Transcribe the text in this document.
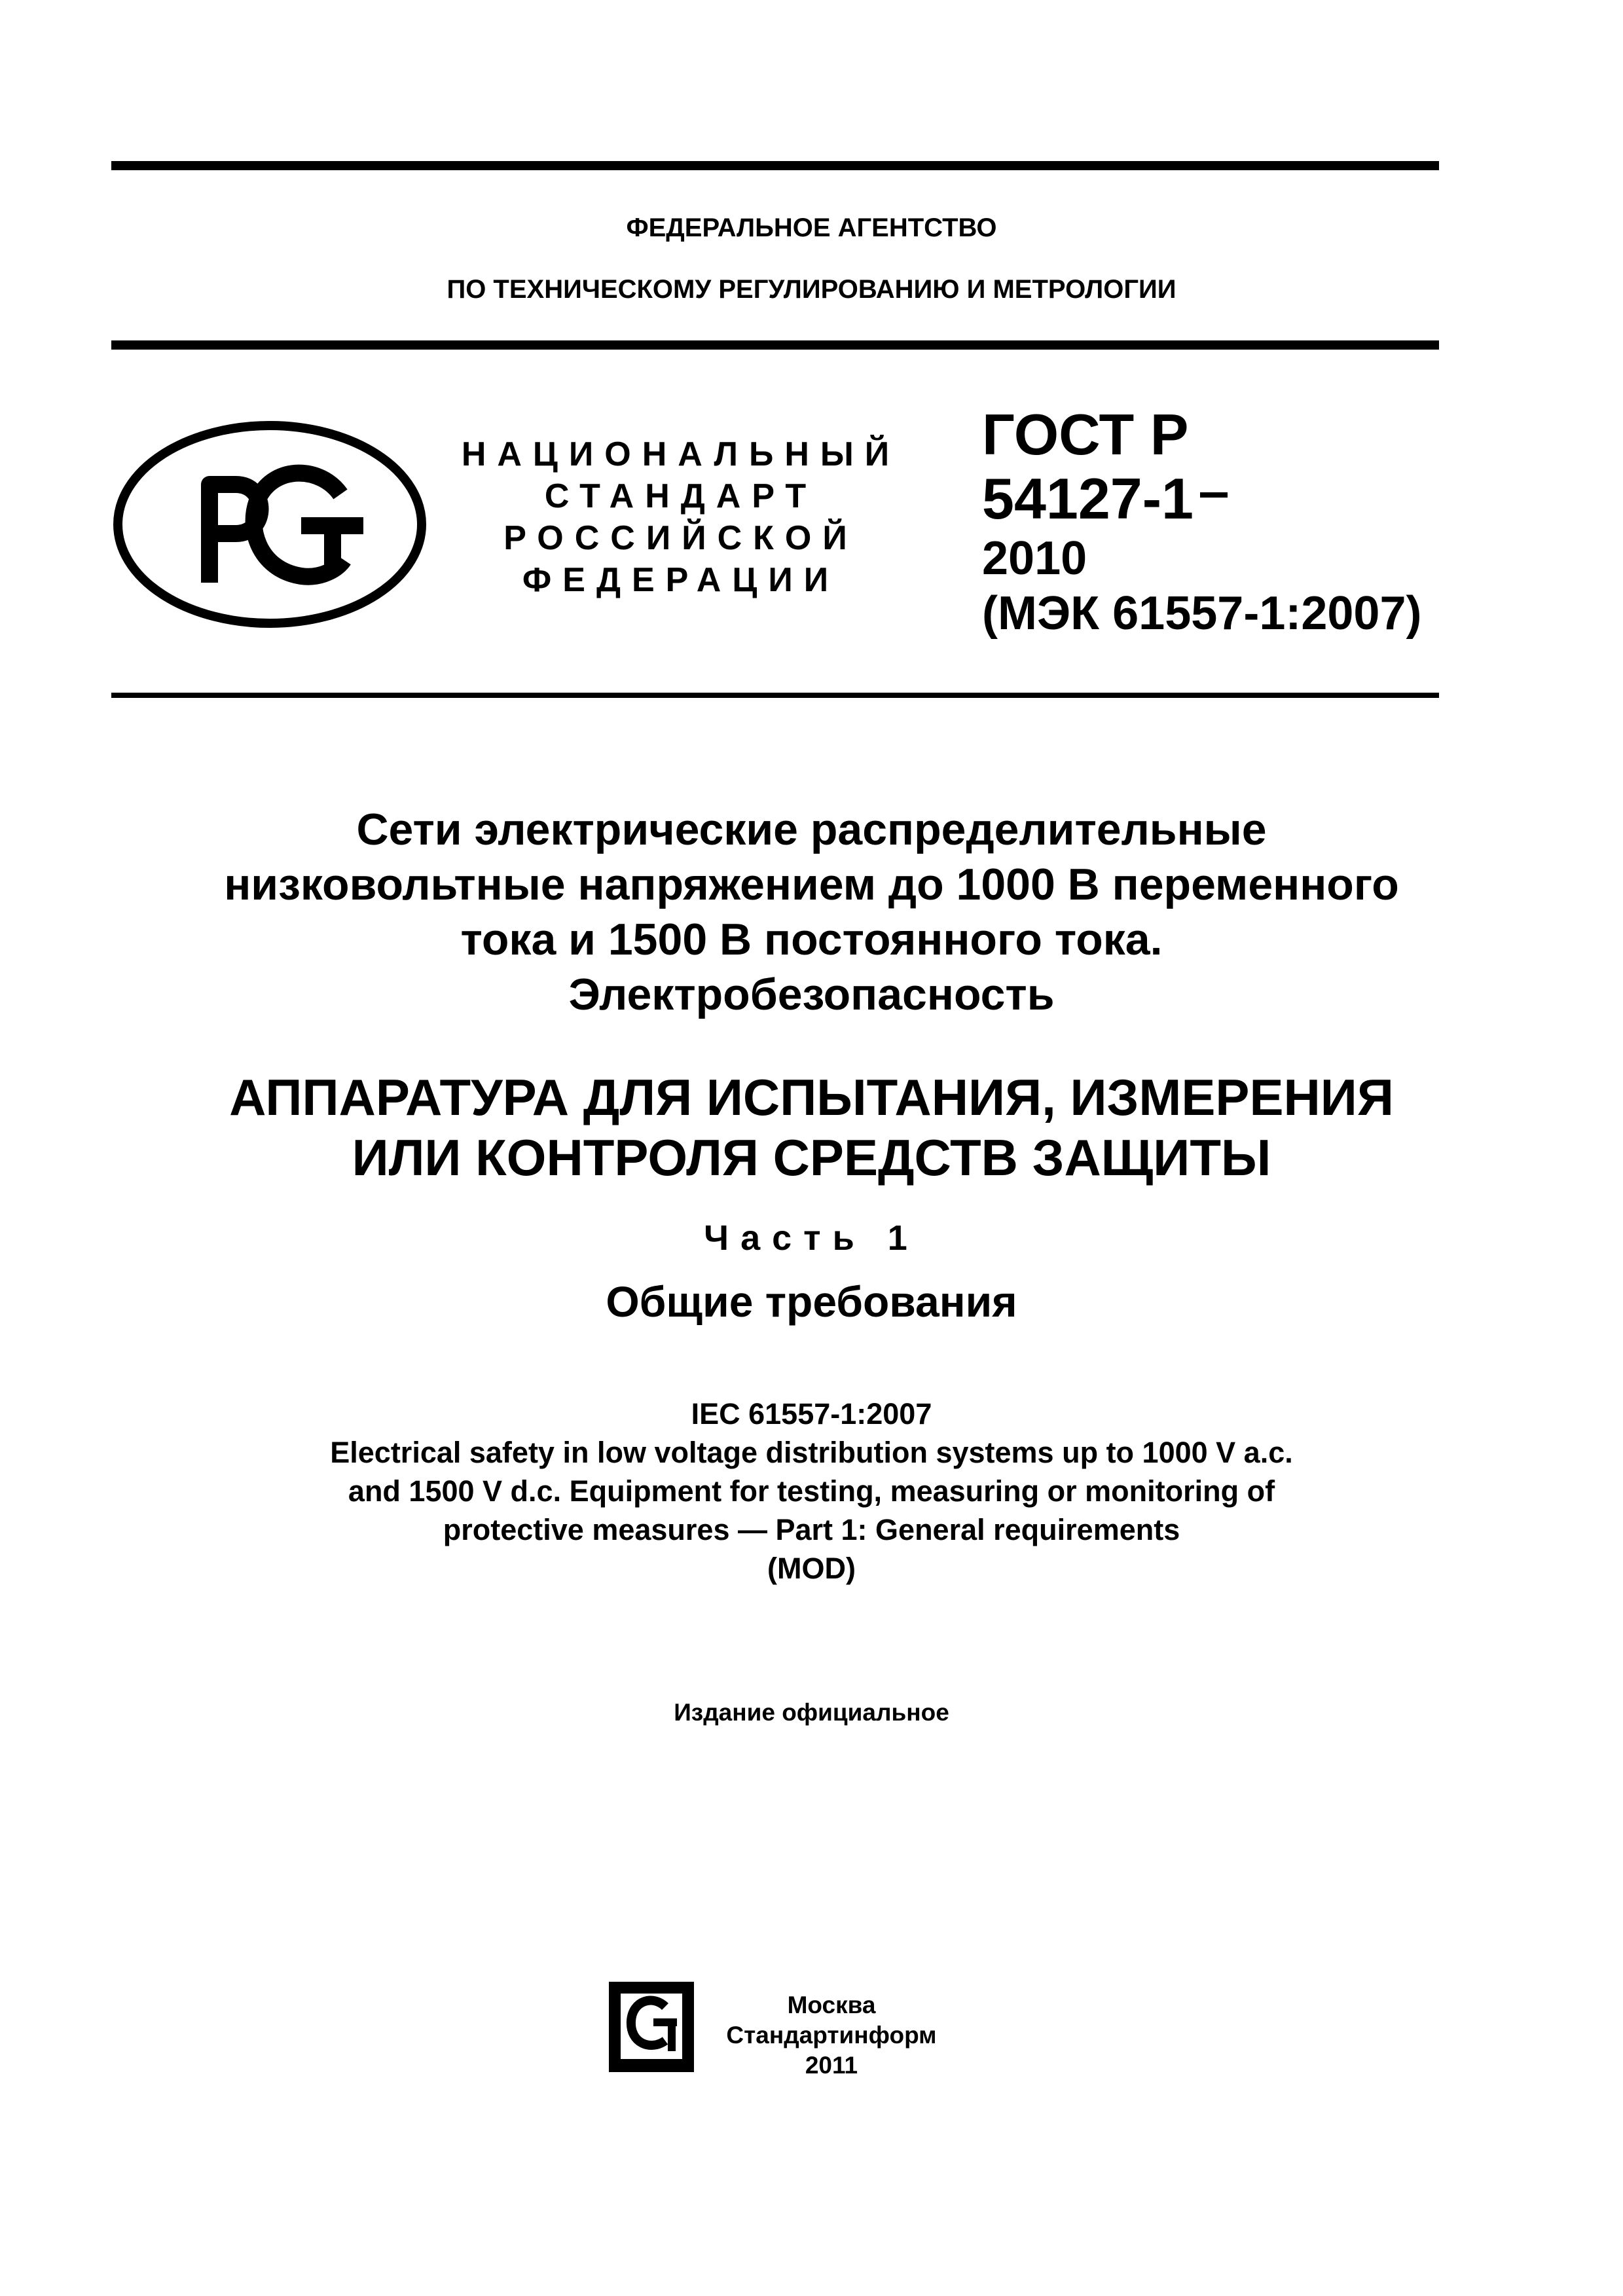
ФЕДЕРАЛЬНОЕ АГЕНТСТВО
ПО ТЕХНИЧЕСКОМУ РЕГУЛИРОВАНИЮ И МЕТРОЛОГИИ
НАЦИОНАЛЬНЫЙ
СТАНДАРТ
РОССИЙСКОЙ
ФЕДЕРАЦИИ
ГОСТ Р
54127-1
2010
(МЭК 61557-1:2007)
Сети электрические распределительные
низковольтные напряжением до 1000 В переменного
тока и 1500 В постоянного тока.
Электробезопасность
АППАРАТУРА ДЛЯ ИСПЫТАНИЯ, ИЗМЕРЕНИЯ
ИЛИ КОНТРОЛЯ СРЕДСТВ ЗАЩИТЫ
Часть 1
Общие требования
IEC 61557-1:2007
Electrical safety in low voltage distribution systems up to 1000 V a.c.
and 1500 V d.c. Equipment for testing, measuring or monitoring of
protective measures — Part 1: General requirements
(MOD)
Издание официальное
Москва
Стандартинформ
2011
